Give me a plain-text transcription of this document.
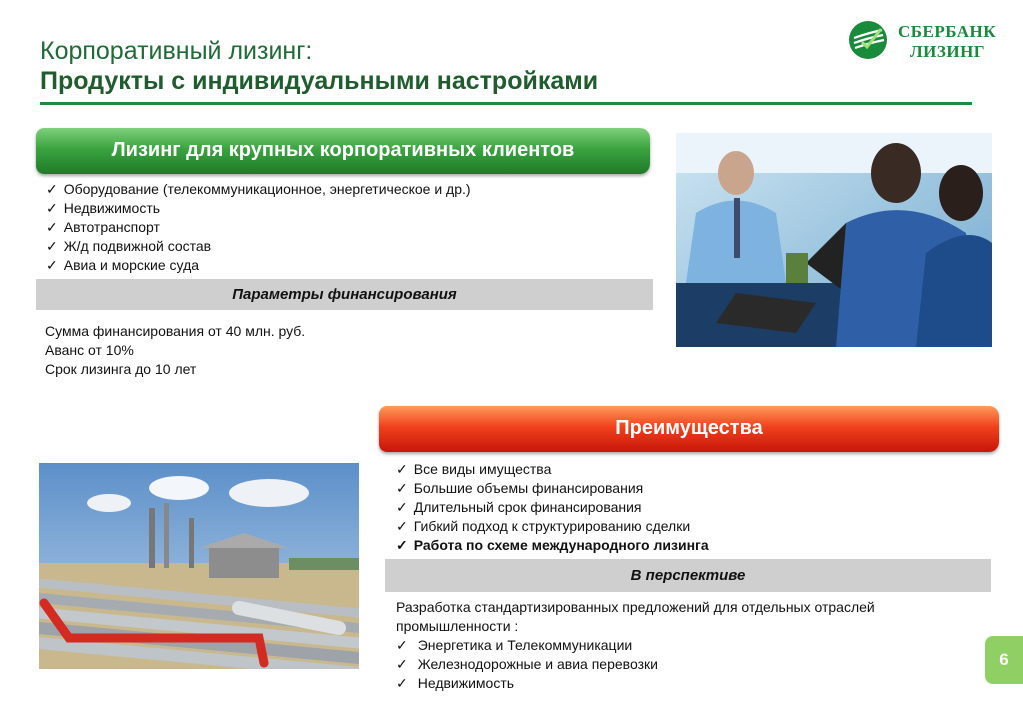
Корпоративный лизинг:
Продукты с индивидуальными настройками
СБЕРБАНК
ЛИЗИНГ
Лизинг для крупных корпоративных клиентов
✓ Оборудование (телекоммуникационное, энергетическое и др.)
✓ Недвижимость
✓ Автотранспорт
✓ Ж/д подвижной состав
✓ Авиа и морские суда
Параметры финансирования
Сумма финансирования от 40 млн. руб.
Аванс от 10%
Срок лизинга до 10 лет
Преимущества
✓ Все виды имущества
✓ Большие объемы финансирования
✓ Длительный срок финансирования
✓ Гибкий подход к структурированию сделки
✓ Работа по схеме международного лизинга
В перспективе
Разработка стандартизированных предложений для отдельных отраслей промышленности :
✓ Энергетика и Телекоммуникации
✓ Железнодорожные и авиа перевозки
✓ Недвижимость
6
